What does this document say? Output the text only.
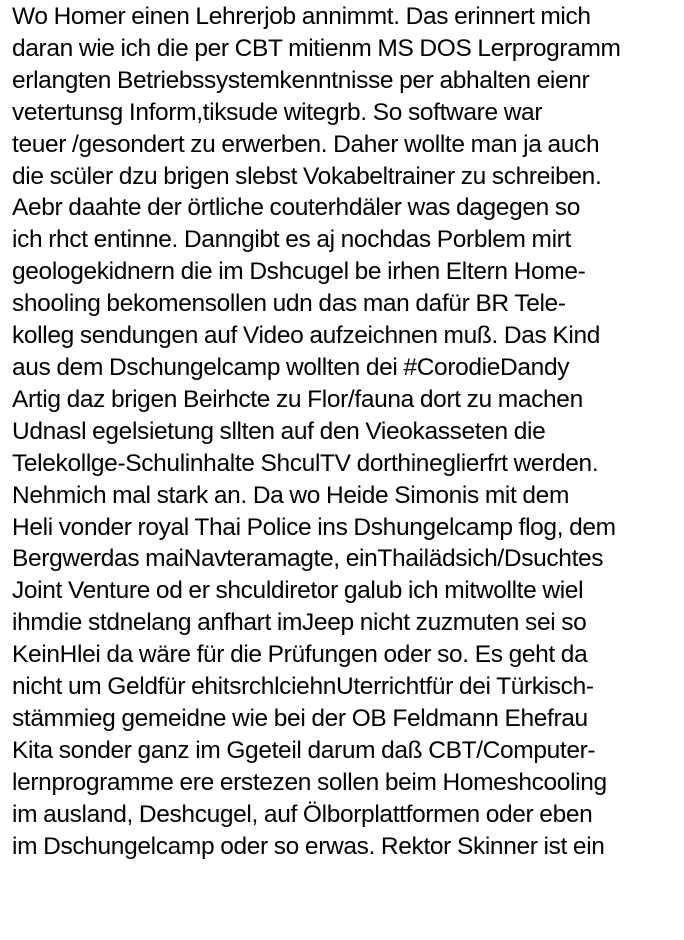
Wo Homer einen Lehrerjob annimmt. Das erinnert mich
daran wie ich die per CBT mitienm MS DOS Lerprogramm
erlangten Betriebssystemkenntnisse per abhalten eienr
vetertunsg Inform,tiksude witegrb. So software war
teuer /gesondert zu erwerben. Daher wollte man ja auch
die scüler dzu brigen slebst Vokabeltrainer zu schreiben.
Aebr daahte der örtliche couterhdäler was dagegen so
ich rhct entinne. Danngibt es aj nochdas Porblem mirt
geologekidnern die im Dshcugel be irhen Eltern Home-
shooling bekomensollen udn das man dafür BR Tele-
kolleg sendungen auf Video aufzeichnen muß. Das Kind
aus dem Dschungelcamp wollten dei #CorodieDandy
Artig daz brigen Beirhcte zu Flor/fauna dort zu machen
Udnasl egelsietung sllten auf den Vieokasseten die
Telekollge-Schulinhalte ShculTV dorthineglierfrt werden.
Nehmich mal stark an. Da wo Heide Simonis mit dem
Heli vonder royal Thai Police ins Dshungelcamp flog, dem
Bergwerdas maiNavteramagte, einThailädsich/Dsuchtes
Joint Venture od er shculdiretor galub ich mitwollte wiel
ihmdie stdnelang anfhart imJeep nicht zuzmuten sei so
KeinHlei da wäre für die Prüfungen oder so. Es geht da
nicht um Geldfür ehitsrchlciehnUterrichtfür dei Türkisch-
stämmieg gemeidne wie bei der OB Feldmann Ehefrau
Kita sonder ganz im Ggeteil darum daß CBT/Computer-
lernprogramme ere erstezen sollen beim Homeshcooling
im ausland, Deshcugel, auf Ölborplattformen oder eben
im Dschungelcamp oder so erwas. Rektor Skinner ist ein
